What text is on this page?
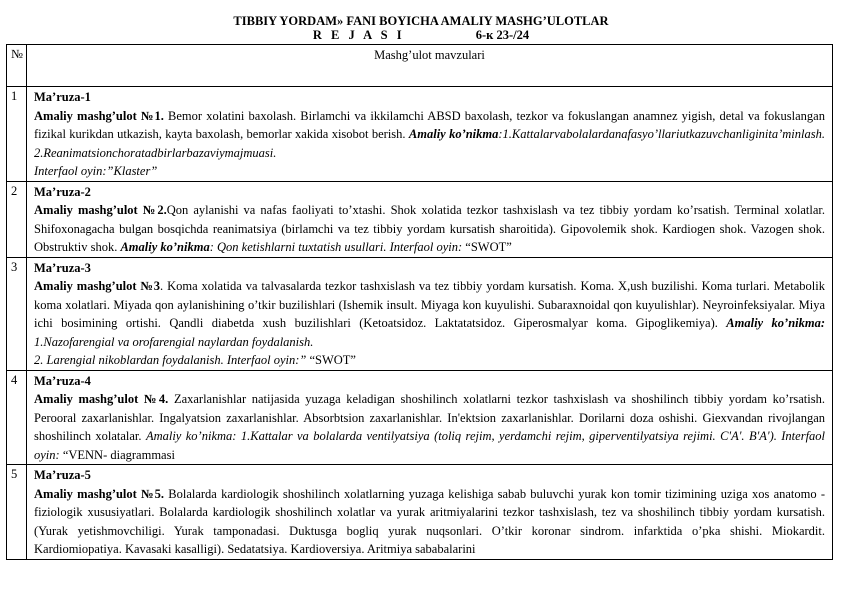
TIBBIY YORDAM» FANI BOYICHA AMALIY MASHG’ULOTLAR
R E J A S I	6-к 23-/24
№	Mashg’ulot mavzulari
1	Ma’ruza-1

Amaliy mashg’ulot №1. Bemor xolatini baxolash. Birlamchi va ikkilamchi ABSD baxolash, tezkor va fokuslangan anamnez yigish, detal va fokuslangan fizikal kurikdan utkazish, kayta baxolash, bemorlar xakida xisobot berish. Amaliy ko’nikma:1.Kattalarvabolalardanafasyo’llariutkazuvchanliginita’minlash. 2.Reanimatsionchoratadbirlarbazaviymajmuasi.
Interfaol oyin:”Klaster”

2	Ma’ruza-2

Amaliy mashg’ulot №2.Qon aylanishi va nafas faoliyati to’xtashi. Shok xolatida tezkor tashxislash va tez tibbiy yordam ko’rsatish. Terminal xolatlar. Shifoxonagacha bulgan bosqichda reanimatsiya (birlamchi va tez tibbiy yordam kursatish sharoitida). Gipovolemik shok. Kardiogen shok. Vazogen shok. Obstruktiv shok. Amaliy ko’nikma: Qon ketishlarni tuxtatish usullari. Interfaol oyin: “SWOT”

3	Ma’ruza-3

Amaliy mashg’ulot №3. Koma xolatida va talvasalarda tezkor tashxislash va tez tibbiy yordam kursatish. Koma. X,ush buzilishi. Koma turlari. Metabolik koma xolatlari. Miyada qon aylanishining o’tkir buzilishlari (Ishemik insult. Miyaga kon kuyulishi. Subaraxnoidal qon kuyulishlar). Neyroinfeksiyalar. Miya ichi bosimining ortishi. Qandli diabetda xush buzilishlari (Ketoatsidoz. Laktatatsidoz. Giperosmalyar koma. Gipoglikemiya). Amaliy ko’nikma: 1.Nazofarengial va orofarengial naylardan foydalanish.
2. Larengial nikoblardan foydalanish. Interfaol oyin:” “SWOT”

4	Ma’ruza-4

Amaliy mashg’ulot №4. Zaxarlanishlar natijasida yuzaga keladigan shoshilinch xolatlarni tezkor tashxislash va shoshilinch tibbiy yordam ko’rsatish. Peroorаl zaxarlanishlar. Ingalyatsion zaxarlanishlar. Absorbtsion zaxarlanishlar. In'ektsion zaxarlanishlar. Dorilarni doza oshishi. Giexvandan rivojlangan shoshilinch xolatalar. Amaliy ko’nikma: 1.Kattalar va bolalarda ventilyatsiya (toliq rejim, yerdamchi rejim, giperventilyatsiya rejimi. C'A'. B'A'). Interfaol oyin: “VENN- diagrammasi

5	Ma’ruza-5

Amaliy mashg’ulot №5. Bolalarda kardiologik shoshilinch xolatlarning yuzaga kelishiga sabab buluvchi yurak kon tomir tizimining uziga xos anatomo -fiziologik xususiyatlari. Bolalarda kardiologik shoshilinch xolatlar va yurak aritmiyalarini tezkor tashxislash, tez va shoshilinch tibbiy yordam kursatish. (Yurak yetishmovchiligi. Yurak tamponadasi. Duktusga bogliq yurak nuqsonlari. O’tkir koronar sindrom. infarktida o’pka shishi. Miokardit. Kardiomiopatiya. Kavasaki kasalligi). Sedatatsiya. Kardioversiya. Aritmiya sababalarini
